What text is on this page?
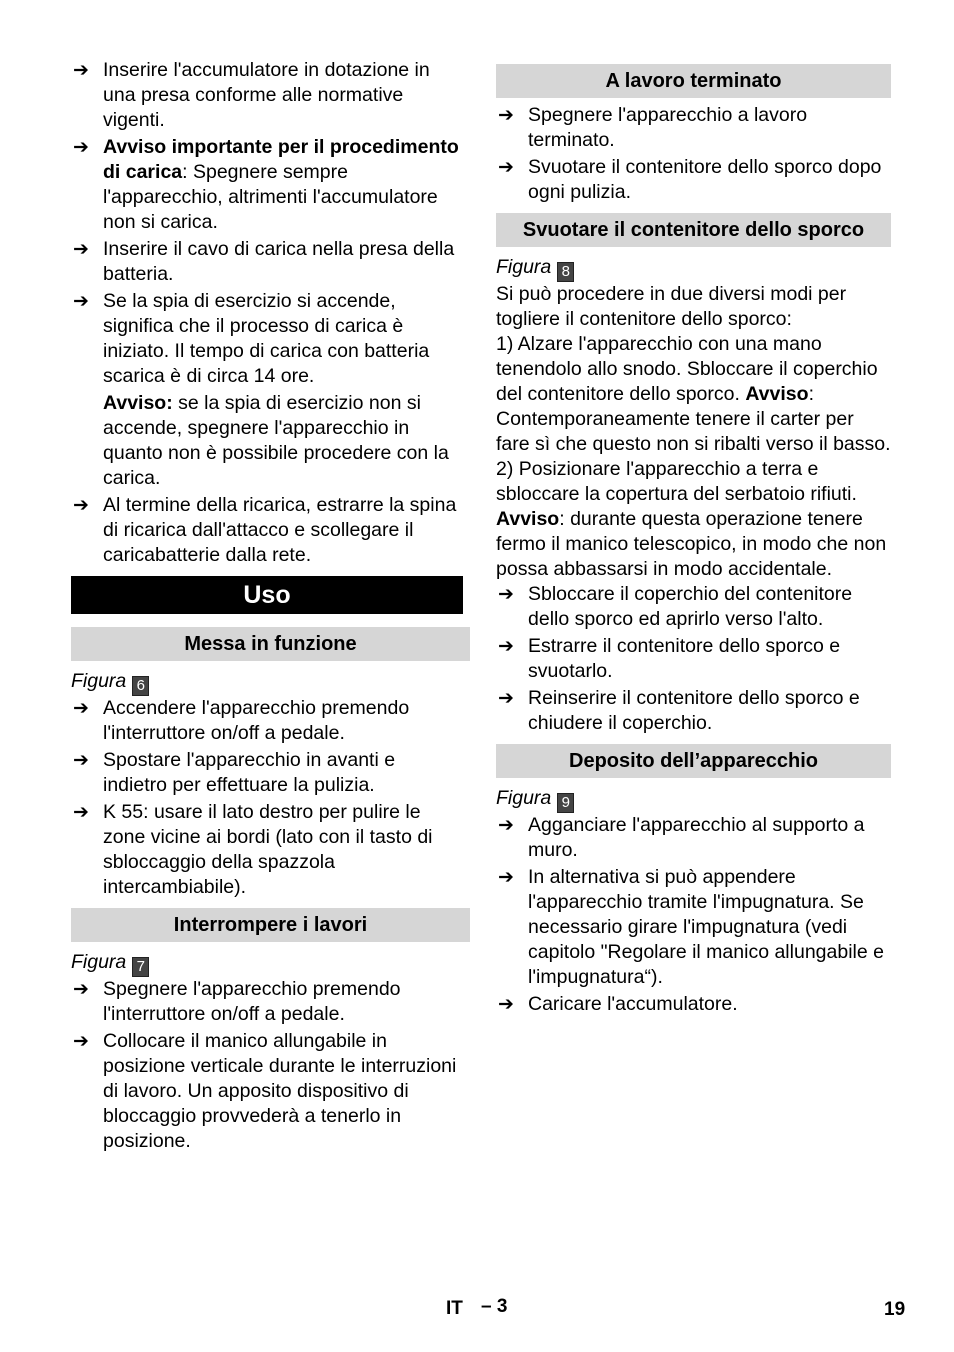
➔ Inserire l'accumulatore in dotazione in una presa conforme alle normative vigenti.
➔ Avviso importante per il procedimento di carica: Spegnere sempre l'apparecchio, altrimenti l'accumulatore non si carica.
➔ Inserire il cavo di carica nella presa della batteria.
➔ Se la spia di esercizio si accende, significa che il processo di carica è iniziato. Il tempo di carica con batteria scarica è di circa 14 ore.
Avviso: se la spia di esercizio non si accende, spegnere l'apparecchio in quanto non è possibile procedere con la carica.
➔ Al termine della ricarica, estrarre la spina di ricarica dall'attacco e scollegare il caricabatterie dalla rete.
Uso
Messa in funzione
Figura 6
➔ Accendere l'apparecchio premendo l'interruttore on/off a pedale.
➔ Spostare l'apparecchio in avanti e indietro per effettuare la pulizia.
➔ K 55: usare il lato destro per pulire le zone vicine ai bordi (lato con il tasto di sbloccaggio della spazzola intercambiabile).
Interrompere i lavori
Figura 7
➔ Spegnere l'apparecchio premendo l'interruttore on/off a pedale.
➔ Collocare il manico allungabile in posizione verticale durante le interruzioni di lavoro. Un apposito dispositivo di bloccaggio provvederà a tenerlo in posizione.
A lavoro terminato
➔ Spegnere l'apparecchio a lavoro terminato.
➔ Svuotare il contenitore dello sporco dopo ogni pulizia.
Svuotare il contenitore dello sporco
Figura 8

Si può procedere in due diversi modi per togliere il contenitore dello sporco:

1) Alzare l'apparecchio con una mano tenendolo allo snodo. Sbloccare il coperchio del contenitore dello sporco. Avviso: Contemporaneamente tenere il carter per fare sì che questo non si ribalti verso il basso.

2) Posizionare l'apparecchio a terra e sbloccare la copertura del serbatoio rifiuti.

Avviso: durante questa operazione tenere fermo il manico telescopico, in modo che non possa abbassarsi in modo accidentale.

➔ Sbloccare il coperchio del contenitore dello sporco ed aprirlo verso l'alto.
➔ Estrarre il contenitore dello sporco e svuotarlo.
➔ Reinserire il contenitore dello sporco e chiudere il coperchio.
Deposito dell’apparecchio
Figura 9
➔ Agganciare l'apparecchio al supporto a muro.
➔ In alternativa si può appendere l'apparecchio tramite l'impugnatura. Se necessario girare l'impugnatura (vedi capitolo "Regolare il manico allungabile e l'impugnatura“).
➔ Caricare l'accumulatore.
IT – 3	19
